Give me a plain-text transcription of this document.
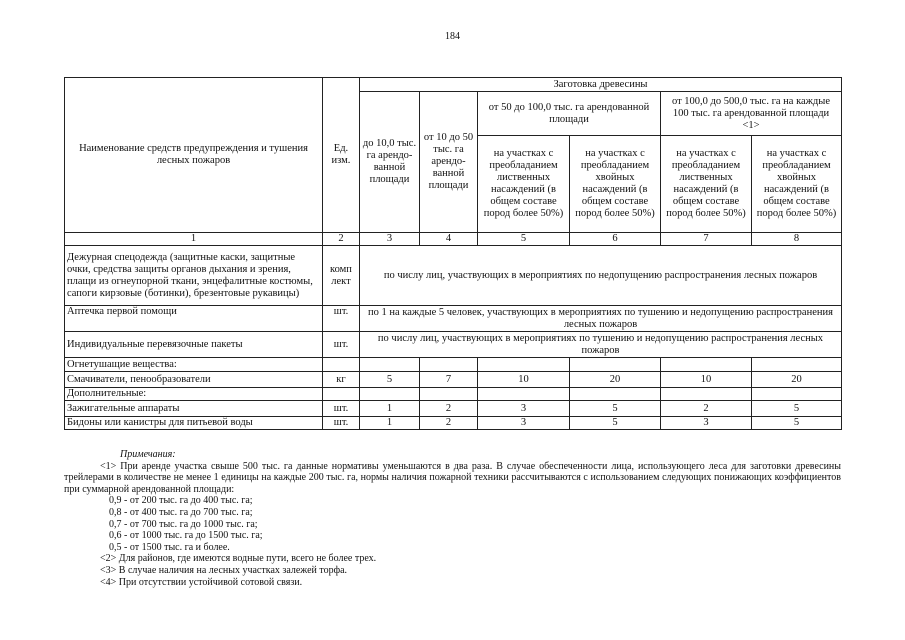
184
Наименование средств предупреждения и тушения лесных пожаров	Ед. изм.	Заготовка древесины					
		до 10,0 тыс. га арендо-ванной площади	от 10 до 50 тыс. га арендо-ванной площади	от 50 до 100,0 тыс. га арендованной площади		от 100,0 до 500,0 тыс. га на каждые 100 тыс. га арендованной площади <1>	
				на участках с преобладанием лиственных насаждений (в общем составе пород более 50%)	на участках с преобладанием хвойных насаждений (в общем составе пород более 50%)	на участках с преобладанием лиственных насаждений (в общем составе пород более 50%)	на участках с преобладанием хвойных насаждений (в общем составе пород более 50%)
1	2	3	4	5	6	7	8
Дежурная спецодежда (защитные каски, защитные очки, средства защиты органов дыхания и зрения, плащи из огнеупорной ткани, энцефалитные костюмы, сапоги кирзовые (ботинки), брезентовые рукавицы)	комп лект	по числу лиц, участвующих в мероприятиях по недопущению распространения лесных пожаров					
Аптечка первой помощи	шт.	по 1 на каждые 5 человек, участвующих в мероприятиях по тушению и недопущению распространения лесных пожаров					
Индивидуальные перевязочные пакеты	шт.	по числу лиц, участвующих в мероприятиях по тушению и недопущению распространения лесных пожаров					
Огнетушащие вещества:							
Смачиватели, пенообразователи	кг	5	7	10	20	10	20
Дополнительные:							
Зажигательные аппараты	шт.	1	2	3	5	2	5
Бидоны или канистры для питьевой воды	шт.	1	2	3	5	3	5
Примечания:
<1> При аренде участка свыше 500 тыс. га данные нормативы уменьшаются в два раза. В случае обеспеченности лица, использующего леса для заготовки древесины трейлерами в количестве не менее 1 единицы на каждые 200 тыс. га, нормы наличия пожарной техники рассчитываются с использованием следующих понижающих коэффициентов при суммарной арендованной площади:
0,9 - от 200 тыс. га до 400 тыс. га;
0,8 - от 400 тыс. га до 700 тыс. га;
0,7 - от 700 тыс. га до 1000 тыс. га;
0,6 - от 1000 тыс. га до 1500 тыс. га;
0,5 - от 1500 тыс. га и более.
<2> Для районов, где имеются водные пути, всего не более трех.
<3> В случае наличия на лесных участках залежей торфа.
<4> При отсутствии устойчивой сотовой связи.
